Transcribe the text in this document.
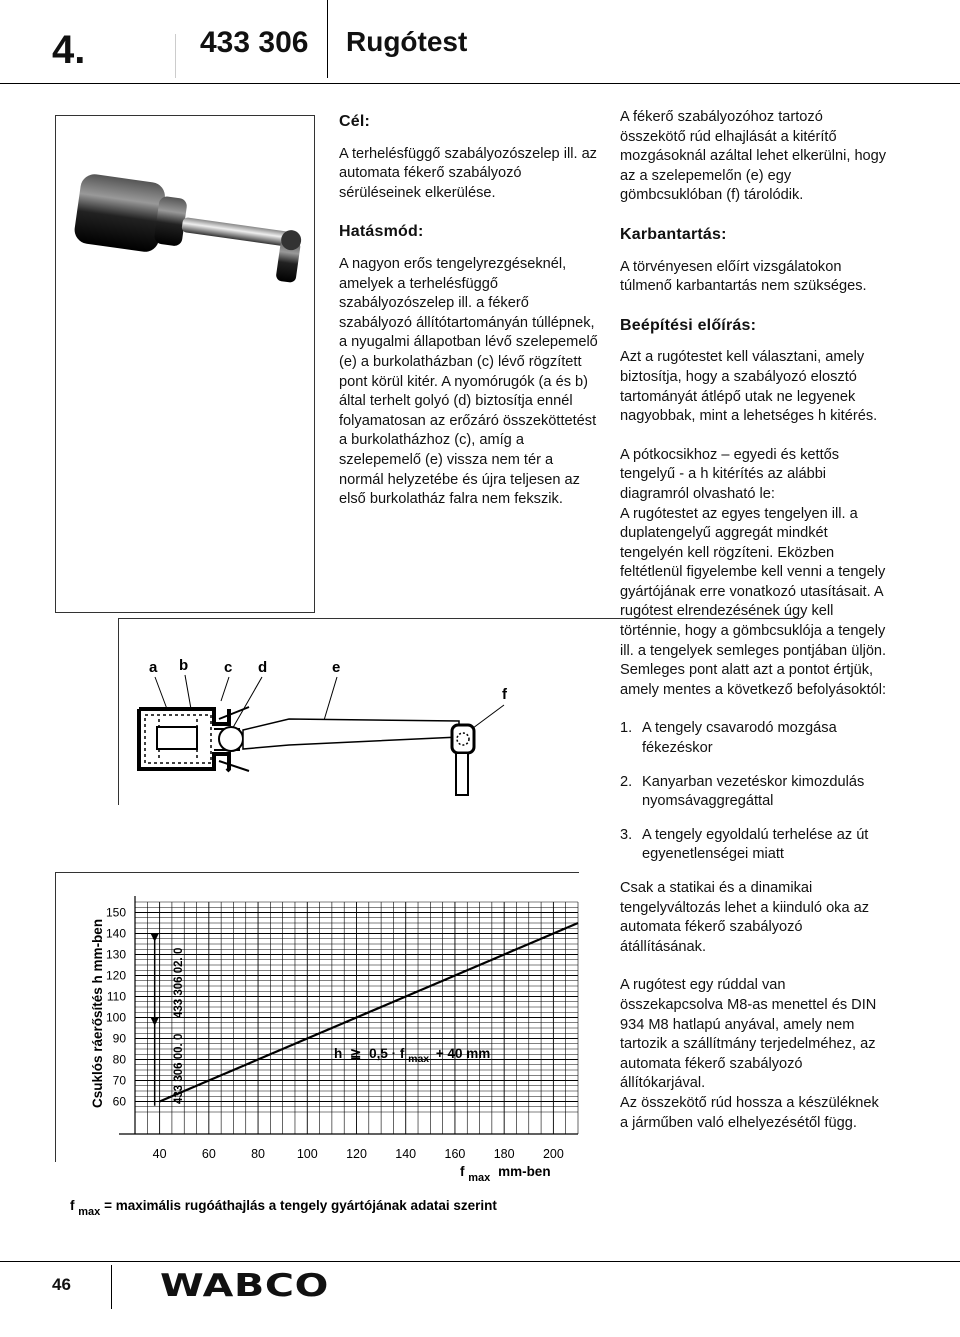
4.	433 306 Rugótest
a b c d	e
f
40	60	80	100 120 140 160 180 200
150
140
130
120
110
100
90
80
70
60
Csuklós ráerősítés h mm-ben	433 306 00. 0
433 306 02. 0
h ≧ 0,5 · f $_{max}$ + 40 mm
f $_{max}$ mm-ben
f $_{max}$ = maximális rugóáthajlás a tengely gyártójának adatai szerint
Cél:

A terhelésfüggő szabályozószelep ill. az automata fékerő szabályozó sérüléseinek elkerülése.

Hatásmód:

A nagyon erős tengelyrezgéseknél, amelyek a terhelésfüggő szabályozószelep ill. a fékerő szabályozó állítótartományán túllépnek, a nyugalmi állapotban lévő szelepemelő (e) a burkolatházban (c) lévő rögzített pont körül kitér. A nyomórugók (a és b) által terhelt golyó (d) biztosítja ennél folyamatosan az erőzáró összeköttetést a burkolatházhoz (c), amíg a szelepemelő (e) vissza nem tér a normál helyzetébe és újra teljesen az első burkolatház falra nem fekszik.

A fékerő szabályozóhoz tartozó összekötő rúd elhajlását a kitérítő mozgásoknál azáltal lehet elkerülni, hogy az a szelepemelőn (e) egy gömbcsuklóban (f) tárolódik.

Karbantartás:

A törvényesen előírt vizsgálatokon túlmenő karbantartás nem szükséges.

Beépítési előírás:

Azt a rugótestet kell választani, amely biztosítja, hogy a szabályozó elosztó tartományát átlépő utak ne legyenek nagyobbak, mint a lehetséges h kitérés.

A pótkocsikhoz – egyedi és kettős tengelyű - a h kitérítés az alábbi diagramról olvasható le:

A rugótestet az egyes tengelyen ill. a duplatengelyű aggregát mindkét tengelyén kell rögzíteni. Eközben feltétlenül figyelembe kell venni a tengely gyártójának erre vonatkozó utasításait. A rugótest elrendezésének úgy kell történnie, hogy a gömbcsuklója a tengely ill. a tengelyek semleges pontjában üljön. Semleges pont alatt azt a pontot értjük, amely mentes a következő befolyásoktól:

1. A tengely csavarodó mozgása fékezéskor
2. Kanyarban vezetéskor kimozdulás nyomsávaggregáttal
3. A tengely egyoldalú terhelése az út egyenetlenségei miatt

Csak a statikai és a dinamikai tengelyváltozás lehet a kiinduló oka az automata fékerő szabályozó átállításának.

A rugótest egy rúddal van összekapcsolva M8-as menettel és DIN 934 M8 hatlapú anyával, amely nem tartozik a szállítmány terjedelméhez, az automata fékerő szabályozó állítókarjával.

Az összekötő rúd hossza a készüléknek a járműben való elhelyezésétől függ.

46	WABCO
